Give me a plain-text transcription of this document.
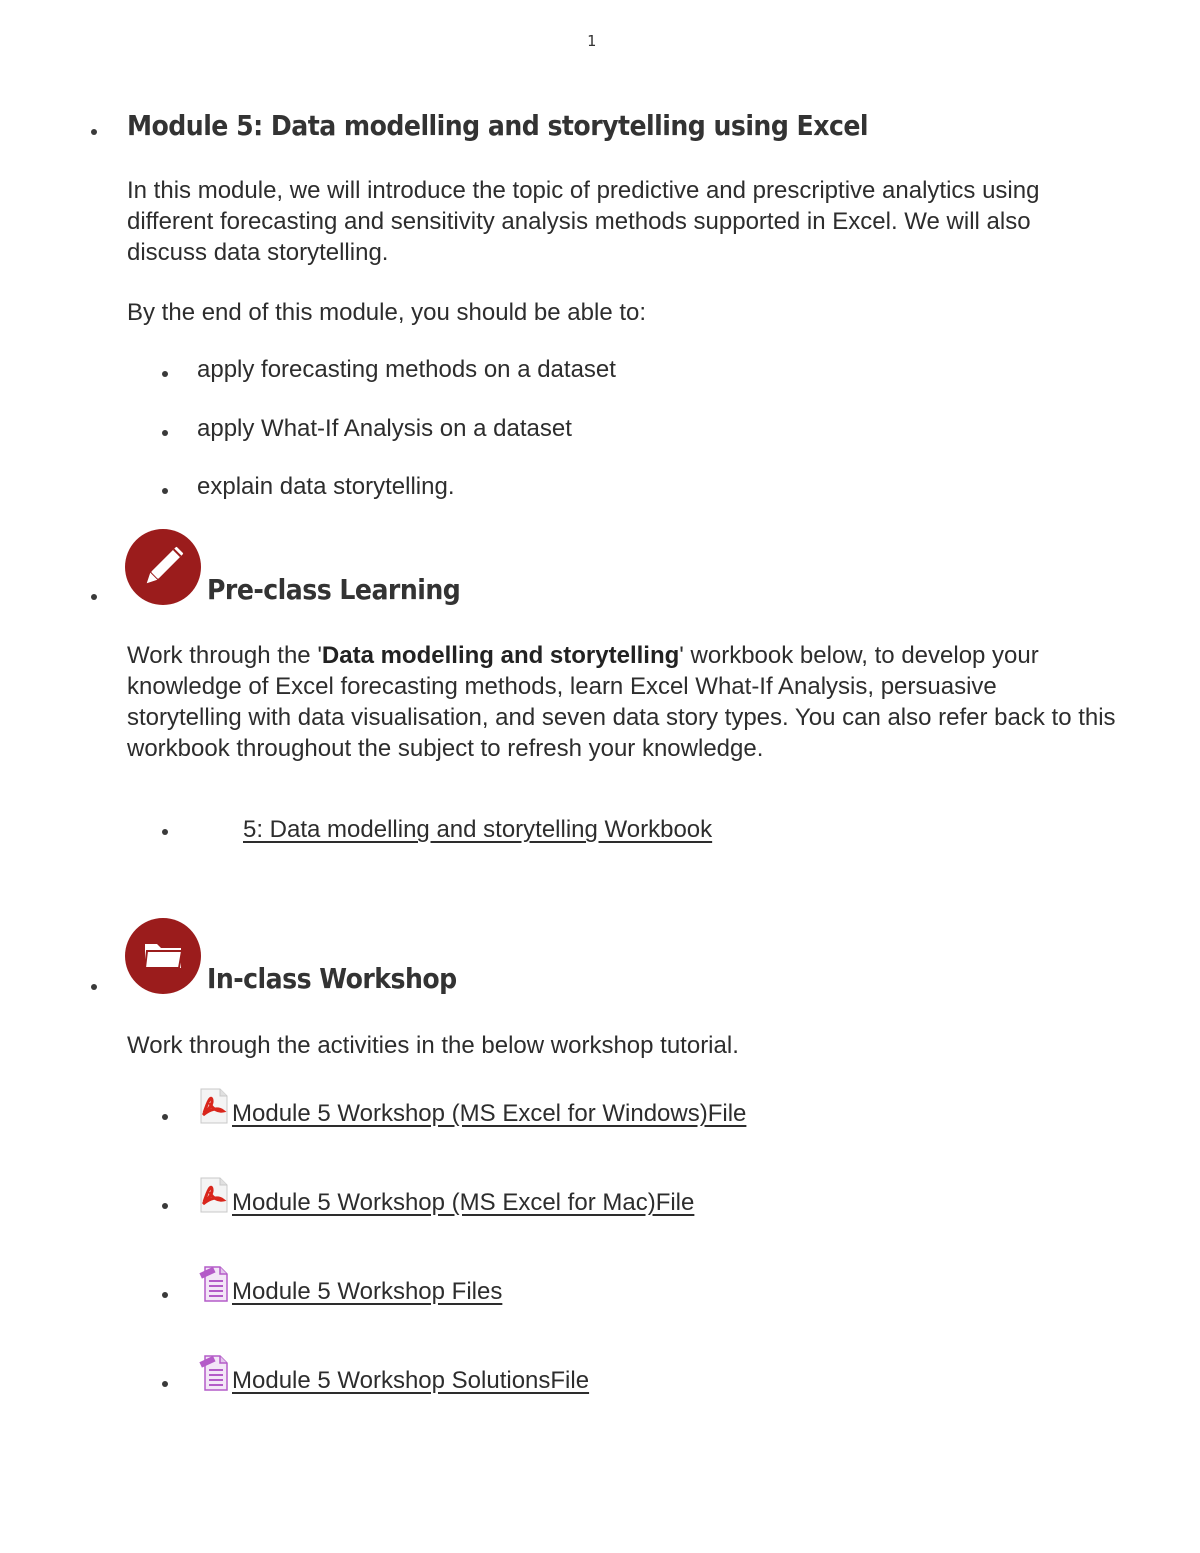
1
Module 5: Data modelling and storytelling using Excel

In this module, we will introduce the topic of predictive and prescriptive analytics using different forecasting and sensitivity analysis methods supported in Excel. We will also discuss data storytelling.

By the end of this module, you should be able to:

apply forecasting methods on a dataset
apply What-If Analysis on a dataset
explain data storytelling.
Pre-class Learning

Work through the 'Data modelling and storytelling' workbook below, to develop your knowledge of Excel forecasting methods, learn Excel What-If Analysis, persuasive storytelling with data visualisation, and seven data story types. You can also refer back to this workbook throughout the subject to refresh your knowledge.

5: Data modelling and storytelling Workbook
In-class Workshop

Work through the activities in the below workshop tutorial.

Module 5 Workshop (MS Excel for Windows)File
Module 5 Workshop (MS Excel for Mac)File
Module 5 Workshop Files
Module 5 Workshop SolutionsFile
